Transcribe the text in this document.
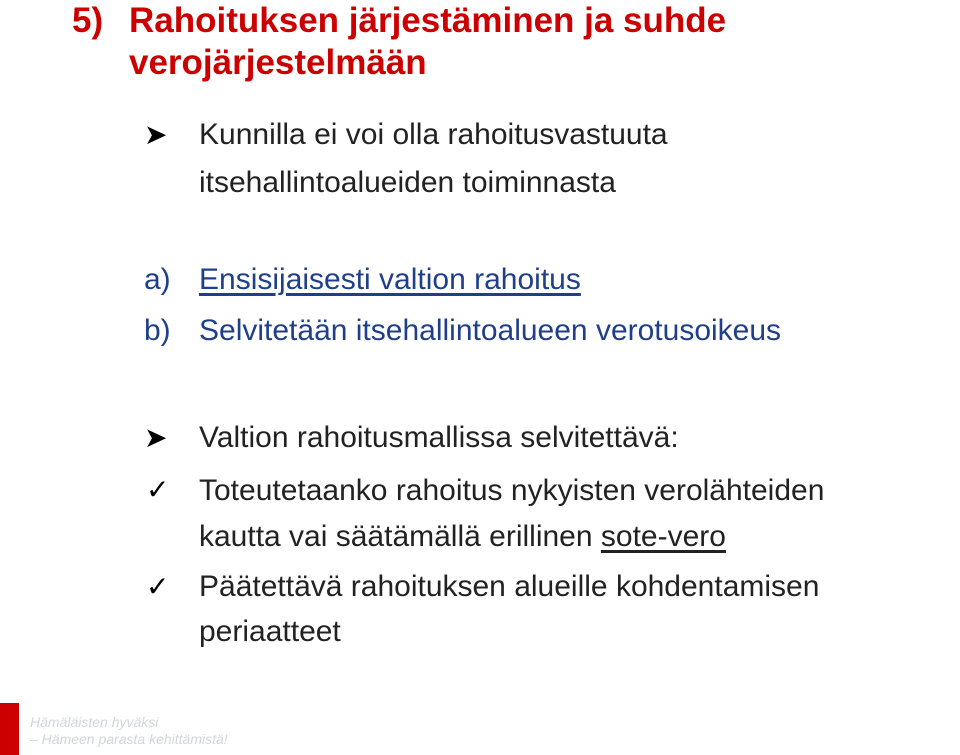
5) Rahoituksen järjestäminen ja suhde verojärjestelmään
➤ Kunnilla ei voi olla rahoitusvastuuta
itsehallintoalueiden toiminnasta
a) Ensisijaisesti valtion rahoitus
b) Selvitetään itsehallintoalueen verotusoikeus
➤ Valtion rahoitusmallissa selvitettävä:
✓ Toteutetaanko rahoitus nykyisten verolähteiden
kautta vai säätämällä erillinen sote-vero
✓ Päätettävä rahoituksen alueille kohdentamisen
periaatteet
Hämäläisten hyväksi
– Hämeen parasta kehittämistä!
